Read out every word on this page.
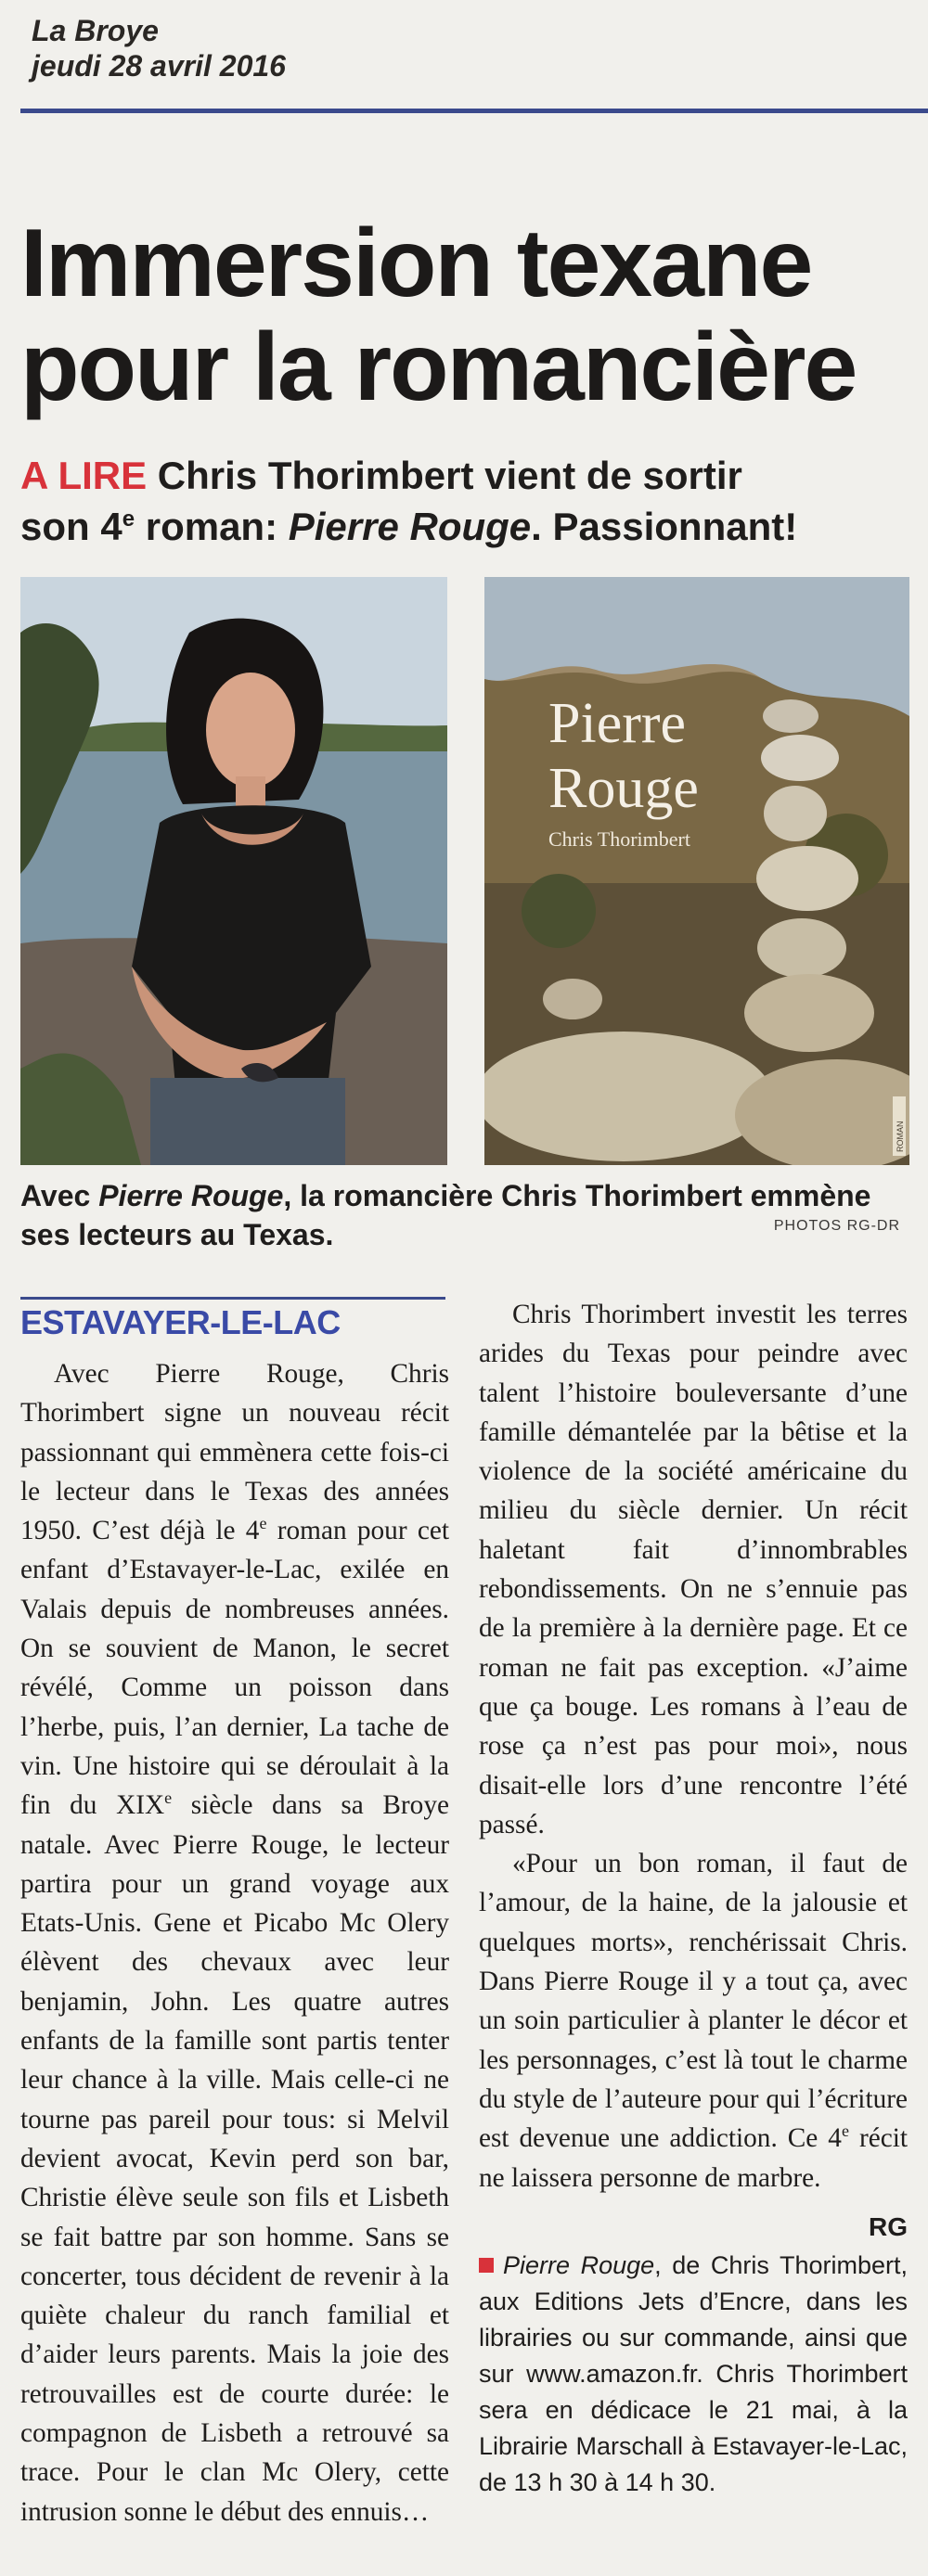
La Broye
jeudi 28 avril 2016
Immersion texane
pour la romancière
A LIRE Chris Thorimbert vient de sortir
son 4e roman: Pierre Rouge. Passionnant!
Pierre
Rouge
Chris Thorimbert
ROMAN
Avec Pierre Rouge, la romancière Chris Thorimbert emmène ses lecteurs au Texas.	PHOTOS RG-DR
ESTAVAYER-LE-LAC

Avec Pierre Rouge, Chris Thorimbert signe un nouveau récit passionnant qui emmènera cette fois-ci le lecteur dans le Texas des années 1950. C’est déjà le 4e roman pour cet enfant d’Estavayer-le-Lac, exilée en Valais depuis de nombreuses années. On se souvient de Manon, le secret révélé, Comme un poisson dans l’herbe, puis, l’an dernier, La tache de vin. Une histoire qui se déroulait à la fin du XIXe siècle dans sa Broye natale. Avec Pierre Rouge, le lecteur partira pour un grand voyage aux Etats-Unis. Gene et Picabo Mc Olery élèvent des chevaux avec leur benjamin, John. Les quatre autres enfants de la famille sont partis tenter leur chance à la ville. Mais celle-ci ne tourne pas pareil pour tous: si Melvil devient avocat, Kevin perd son bar, Christie élève seule son fils et Lisbeth se fait battre par son homme. Sans se concerter, tous décident de revenir à la quiète chaleur du ranch familial et d’aider leurs parents. Mais la joie des retrouvailles est de courte durée: le compagnon de Lisbeth a retrouvé sa trace. Pour le clan Mc Olery, cette intrusion sonne le début des ennuis…

Chris Thorimbert investit les terres arides du Texas pour peindre avec talent l’histoire bouleversante d’une famille démantelée par la bêtise et la violence de la société américaine du milieu du siècle dernier. Un récit haletant fait d’innombrables rebondissements. On ne s’ennuie pas de la première à la dernière page. Et ce roman ne fait pas exception. «J’aime que ça bouge. Les romans à l’eau de rose ça n’est pas pour moi», nous disait-elle lors d’une rencontre l’été passé.

«Pour un bon roman, il faut de l’amour, de la haine, de la jalousie et quelques morts», renchérissait Chris. Dans Pierre Rouge il y a tout ça, avec un soin particulier à planter le décor et les personnages, c’est là tout le charme du style de l’auteure pour qui l’écriture est devenue une addiction. Ce 4e récit ne laissera personne de marbre.

RG
Pierre Rouge, de Chris Thorimbert, aux Editions Jets d’Encre, dans les librairies ou sur commande, ainsi que sur www.amazon.fr. Chris Thorimbert sera en dédicace le 21 mai, à la Librairie Marschall à Estavayer-le-Lac, de 13 h 30 à 14 h 30.
